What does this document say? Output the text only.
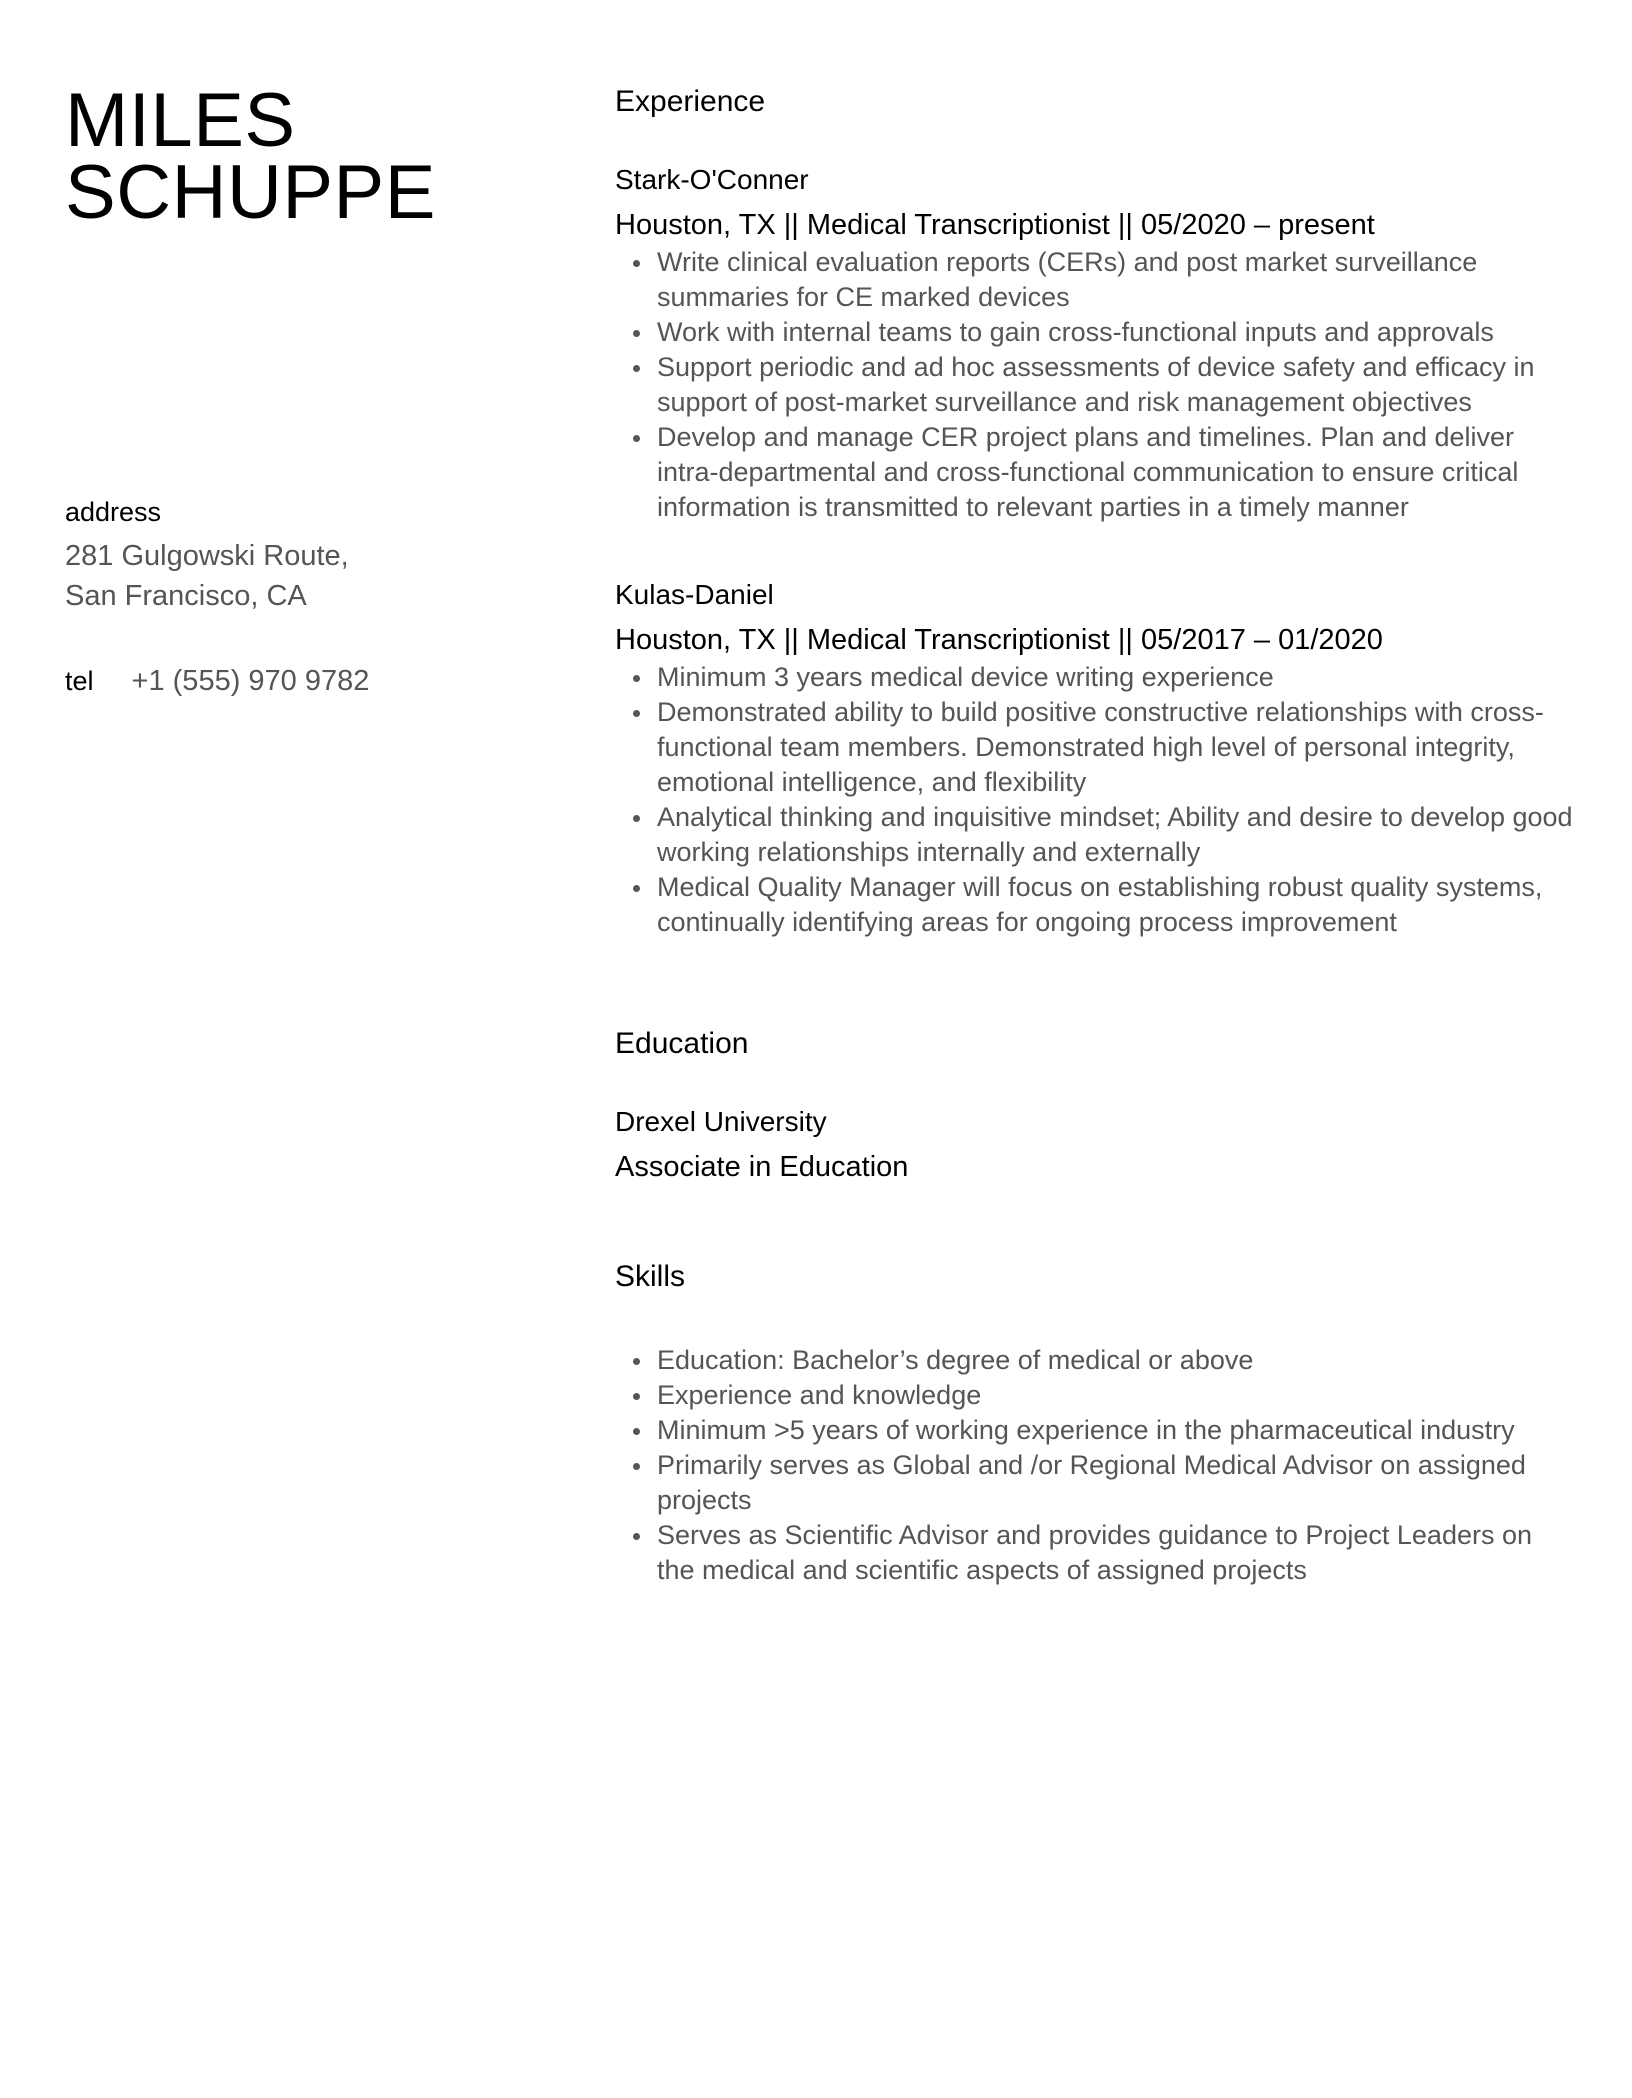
MILES
SCHUPPE
address
281 Gulgowski Route,
San Francisco, CA
tel +1 (555) 970 9782
Experience
Stark-O'Conner
Houston, TX || Medical Transcriptionist || 05/2020 – present
Write clinical evaluation reports (CERs) and post market surveillance summaries for CE marked devices
Work with internal teams to gain cross-functional inputs and approvals
Support periodic and ad hoc assessments of device safety and efficacy in support of post-market surveillance and risk management objectives
Develop and manage CER project plans and timelines. Plan and deliver intra-departmental and cross-functional communication to ensure critical information is transmitted to relevant parties in a timely manner
Kulas-Daniel
Houston, TX || Medical Transcriptionist || 05/2017 – 01/2020
Minimum 3 years medical device writing experience
Demonstrated ability to build positive constructive relationships with cross-functional team members. Demonstrated high level of personal integrity, emotional intelligence, and flexibility
Analytical thinking and inquisitive mindset; Ability and desire to develop good working relationships internally and externally
Medical Quality Manager will focus on establishing robust quality systems, continually identifying areas for ongoing process improvement
Education
Drexel University
Associate in Education
Skills
Education: Bachelor’s degree of medical or above
Experience and knowledge
Minimum >5 years of working experience in the pharmaceutical industry
Primarily serves as Global and /or Regional Medical Advisor on assigned projects
Serves as Scientific Advisor and provides guidance to Project Leaders on the medical and scientific aspects of assigned projects
